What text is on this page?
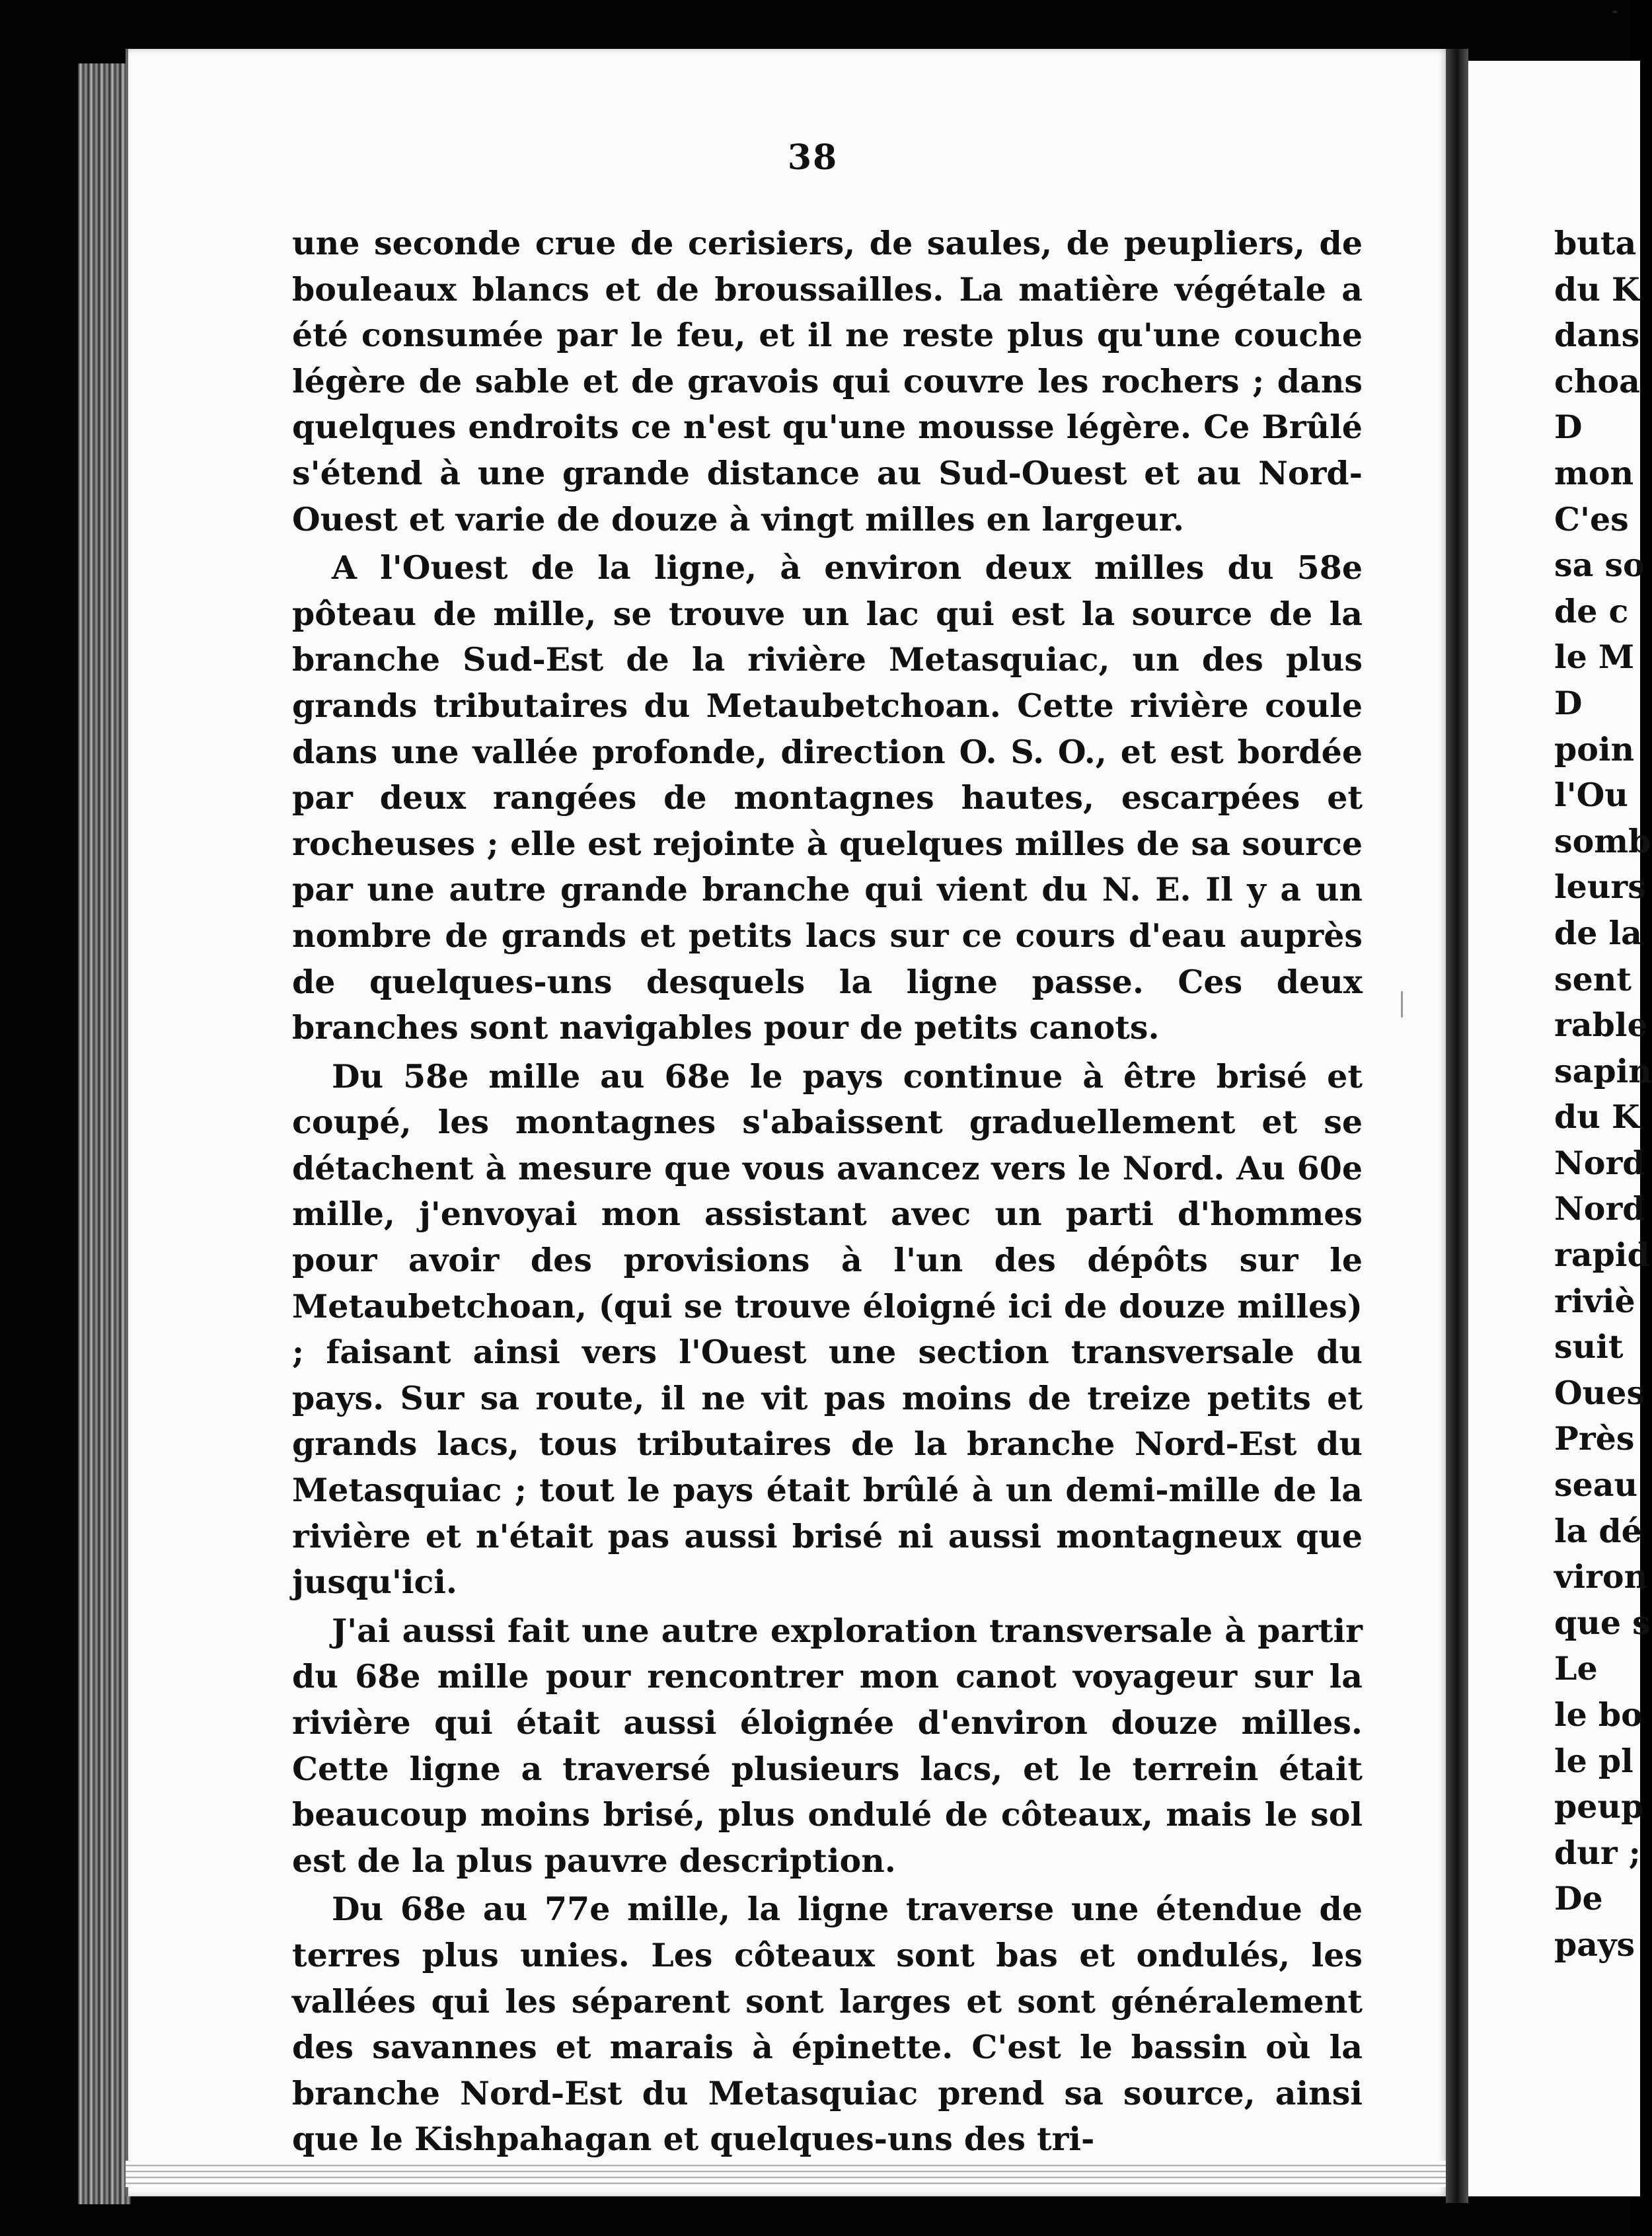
38

une seconde crue de cerisiers, de saules, de peupliers, de bouleaux blancs et de broussailles. La matière végétale a été consumée par le feu, et il ne reste plus qu'une couche légère de sable et de gravois qui couvre les rochers ; dans quelques endroits ce n'est qu'une mousse légère. Ce Brûlé s'étend à une grande distance au Sud-Ouest et au Nord-Ouest et varie de douze à vingt milles en largeur.

A l'Ouest de la ligne, à environ deux milles du 58e pôteau de mille, se trouve un lac qui est la source de la branche Sud-Est de la rivière Metasquiac, un des plus grands tributaires du Metaubetchoan. Cette rivière coule dans une vallée profonde, direction O. S. O., et est bordée par deux rangées de montagnes hautes, escarpées et rocheuses ; elle est rejointe à quelques milles de sa source par une autre grande branche qui vient du N. E. Il y a un nombre de grands et petits lacs sur ce cours d'eau auprès de quelques-uns desquels la ligne passe. Ces deux branches sont navigables pour de petits canots.

Du 58e mille au 68e le pays continue à être brisé et coupé, les montagnes s'abaissent graduellement et se détachent à mesure que vous avancez vers le Nord. Au 60e mille, j'envoyai mon assistant avec un parti d'hommes pour avoir des provisions à l'un des dépôts sur le Metaubetchoan, (qui se trouve éloigné ici de douze milles) ; faisant ainsi vers l'Ouest une section transversale du pays. Sur sa route, il ne vit pas moins de treize petits et grands lacs, tous tributaires de la branche Nord-Est du Metasquiac ; tout le pays était brûlé à un demi-mille de la rivière et n'était pas aussi brisé ni aussi montagneux que jusqu'ici.

J'ai aussi fait une autre exploration transversale à partir du 68e mille pour rencontrer mon canot voyageur sur la rivière qui était aussi éloignée d'environ douze milles. Cette ligne a traversé plusieurs lacs, et le terrein était beaucoup moins brisé, plus ondulé de côteaux, mais le sol est de la plus pauvre description.

Du 68e au 77e mille, la ligne traverse une étendue de terres plus unies. Les côteaux sont bas et ondulés, les vallées qui les séparent sont larges et sont généralement des savannes et marais à épinette. C'est le bassin où la branche Nord-Est du Metasquiac prend sa source, ainsi que le Kishpahagan et quelques-uns des tri-

buta
du K
dans
choa
D
mon
C'es
sa so
de c
le M
D
poin
l'Ou
somb
leurs
de la
sent
rable
sapin
du K
Nord
Nord
rapid
riviè
suit
Oues
Près
seau
la dé
viron
que s
Le
le bo
le pl
peup
dur ;
De
pays
